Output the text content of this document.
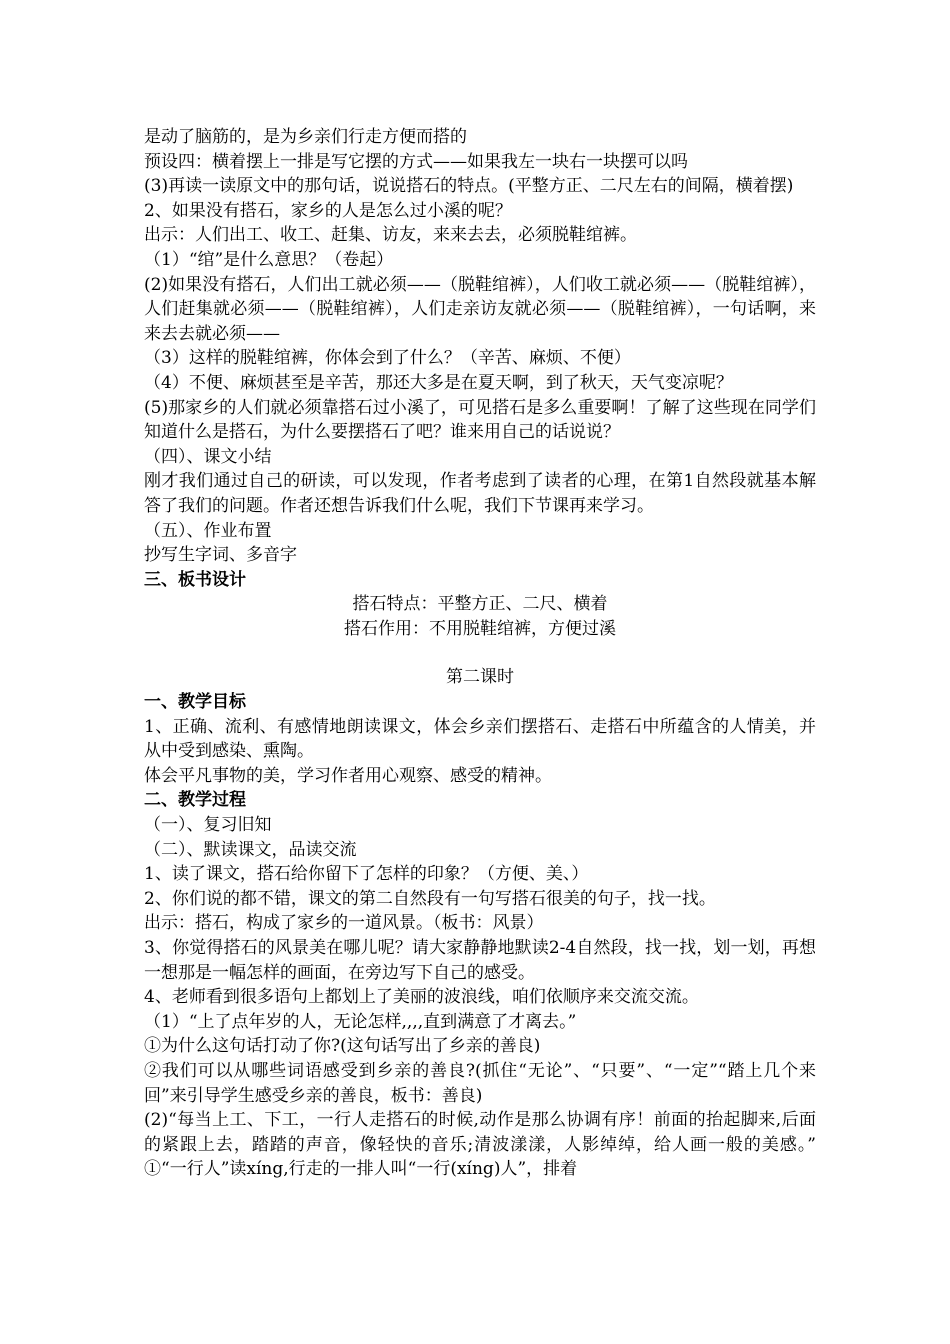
是动了脑筋的，是为乡亲们行走方便而搭的
预设四：横着摆上一排是写它摆的方式——如果我左一块右一块摆可以吗
(3)再读一读原文中的那句话，说说搭石的特点。(平整方正、二尺左右的间隔，横着摆)
2、如果没有搭石，家乡的人是怎么过小溪的呢？
出示：人们出工、收工、赶集、访友，来来去去，必须脱鞋绾裤。
（1）“绾”是什么意思？（卷起）
(2)如果没有搭石，人们出工就必须——（脱鞋绾裤），人们收工就必须——（脱鞋绾裤），人们赶集就必须——（脱鞋绾裤），人们走亲访友就必须——（脱鞋绾裤），一句话啊，来来去去就必须——
（3）这样的脱鞋绾裤，你体会到了什么？（辛苦、麻烦、不便）
（4）不便、麻烦甚至是辛苦，那还大多是在夏天啊，到了秋天，天气变凉呢？
(5)那家乡的人们就必须靠搭石过小溪了，可见搭石是多么重要啊！了解了这些现在同学们知道什么是搭石，为什么要摆搭石了吧？谁来用自己的话说说？
（四）、课文小结
刚才我们通过自己的研读，可以发现，作者考虑到了读者的心理，在第1自然段就基本解答了我们的问题。作者还想告诉我们什么呢，我们下节课再来学习。
（五）、作业布置
抄写生字词、多音字
三、板书设计
搭石特点：平整方正、二尺、横着
搭石作用：不用脱鞋绾裤，方便过溪
第二课时
一、教学目标
1、正确、流利、有感情地朗读课文，体会乡亲们摆搭石、走搭石中所蕴含的人情美，并从中受到感染、熏陶。
体会平凡事物的美，学习作者用心观察、感受的精神。
二、教学过程
（一）、复习旧知
（二）、默读课文，品读交流
1、读了课文，搭石给你留下了怎样的印象？（方便、美、）
2、你们说的都不错，课文的第二自然段有一句写搭石很美的句子，找一找。
出示：搭石，构成了家乡的一道风景。（板书：风景）
3、你觉得搭石的风景美在哪儿呢？请大家静静地默读2-4自然段，找一找，划一划，再想一想那是一幅怎样的画面，在旁边写下自己的感受。
4、老师看到很多语句上都划上了美丽的波浪线，咱们依顺序来交流交流。
（1）“上了点年岁的人，无论怎样,,,,直到满意了才离去。”
①为什么这句话打动了你?(这句话写出了乡亲的善良)
②我们可以从哪些词语感受到乡亲的善良?(抓住“无论”、“只要”、“一定”“踏上几个来回”来引导学生感受乡亲的善良，板书：善良)
(2)“每当上工、下工，一行人走搭石的时候,动作是那么协调有序！前面的抬起脚来,后面的紧跟上去，踏踏的声音，像轻快的音乐;清波漾漾，人影绰绰，给人画一般的美感。” ①“一行人”读xíng,行走的一排人叫“一行(xíng)人”，排着
